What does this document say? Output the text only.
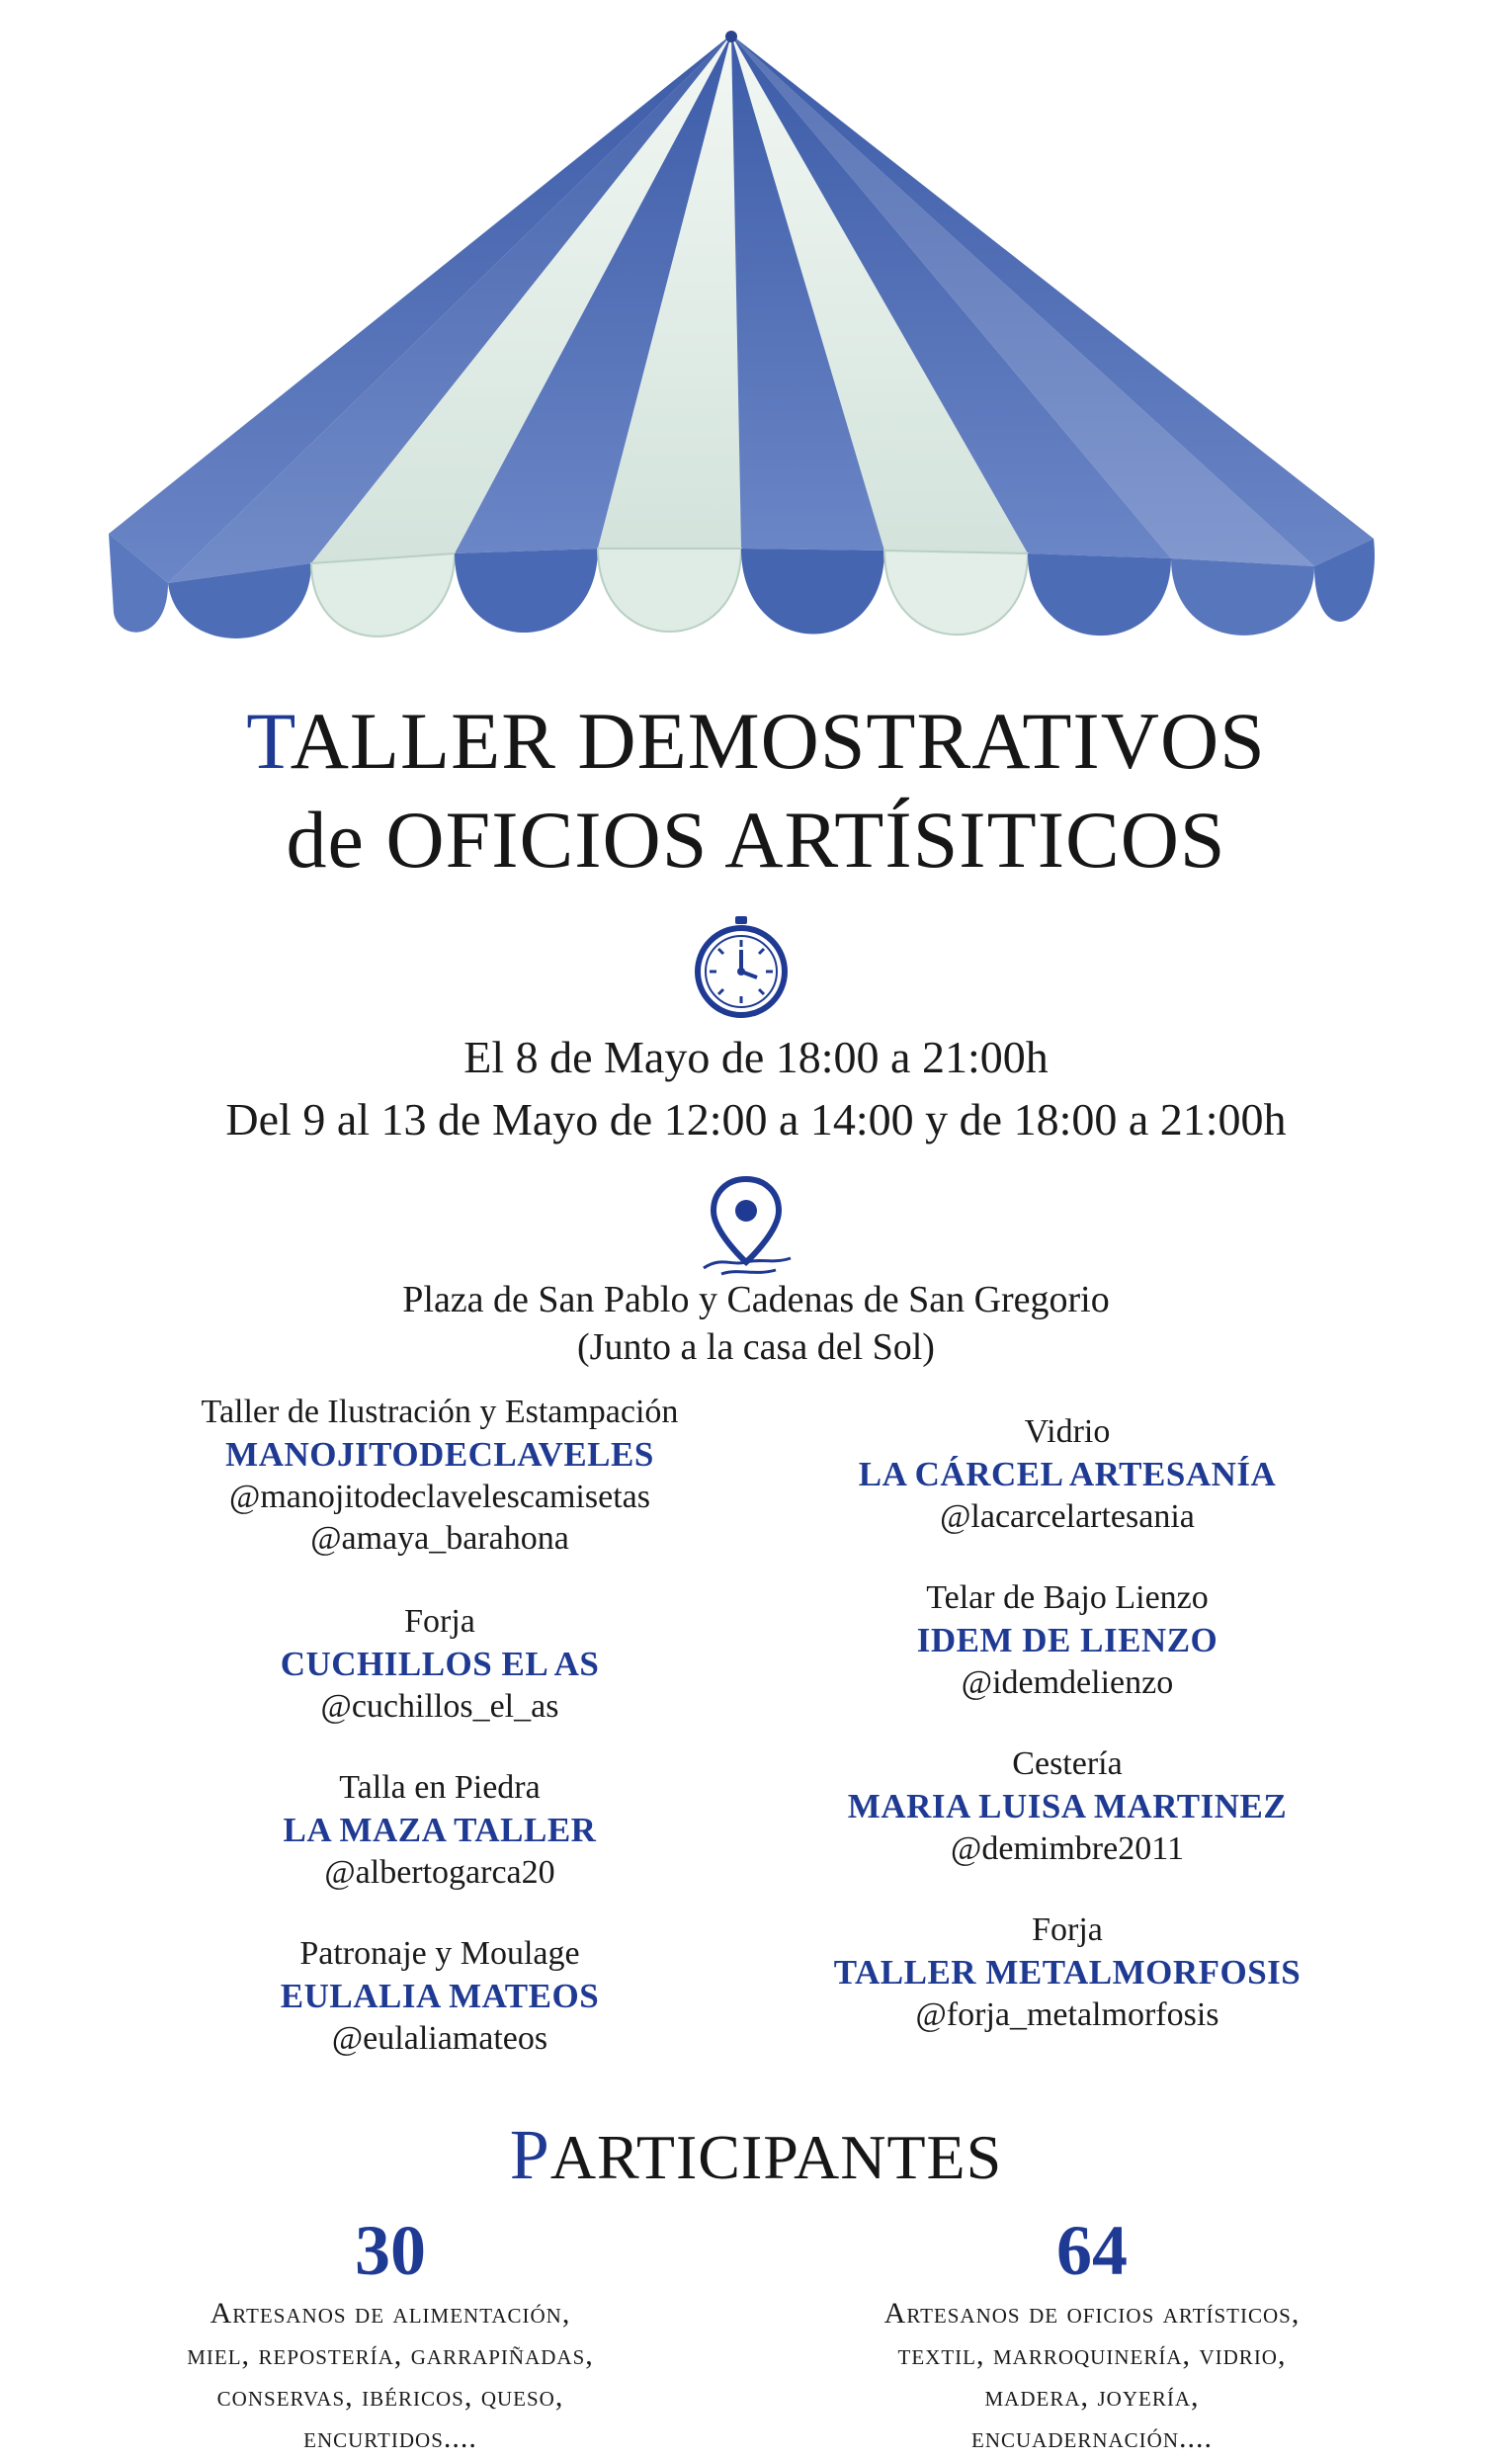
TALLER DEMOSTRATIVOS
de OFICIOS ARTÍSITICOS
El 8 de Mayo de 18:00 a 21:00h
Del 9 al 13 de Mayo de 12:00 a 14:00 y de 18:00 a 21:00h
Plaza de San Pablo y Cadenas de San Gregorio
(Junto a la casa del Sol)
Taller de Ilustración y Estampación
MANOJITODECLAVELES
@manojitodeclavelescamisetas
@amaya_barahona
Forja
CUCHILLOS EL AS
@cuchillos_el_as
Talla en Piedra
LA MAZA TALLER
@albertogarca20
Patronaje y Moulage
EULALIA MATEOS
@eulaliamateos
Vidrio
LA CÁRCEL ARTESANÍA
@lacarcelartesania
Telar de Bajo Lienzo
IDEM DE LIENZO
@idemdelienzo
Cestería
MARIA LUISA MARTINEZ
@demimbre2011
Forja
TALLER METALMORFOSIS
@forja_metalmorfosis
PARTICIPANTES
30
Artesanos de alimentación,
miel, repostería, garrapiñadas,
conservas, ibéricos, queso,
encurtidos....
64
Artesanos de oficios artísticos,
textil, marroquinería, vidrio,
madera, joyería,
encuadernación....
